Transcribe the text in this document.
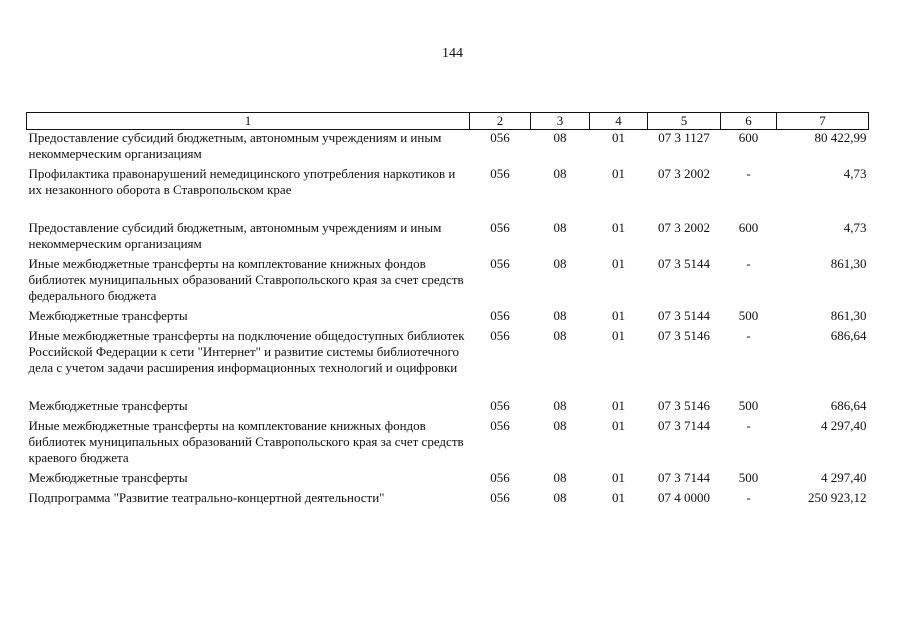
144
1	2	3	4	5	6	7
Предоставление субсидий бюджетным, автономным учреждениям и иным некоммерческим организациям	056	08	01	07 3 1127	600	80 422,99
Профилактика правонарушений немедицинского употребления наркотиков и их незаконного оборота в Ставропольском крае	056	08	01	07 3 2002	-	4,73
Предоставление субсидий бюджетным, автономным учреждениям и иным некоммерческим организациям	056	08	01	07 3 2002	600	4,73
Иные межбюджетные трансферты на комплектование книжных фондов библиотек муниципальных образований Ставропольского края за счет средств федерального бюджета	056	08	01	07 3 5144	-	861,30
Межбюджетные трансферты	056	08	01	07 3 5144	500	861,30
Иные межбюджетные трансферты на подключение общедоступных библиотек Российской Федерации к сети "Интернет" и развитие системы библиотечного дела с учетом задачи расширения информационных технологий и оцифровки	056	08	01	07 3 5146	-	686,64
Межбюджетные трансферты	056	08	01	07 3 5146	500	686,64
Иные межбюджетные трансферты на комплектование книжных фондов библиотек муниципальных образований Ставропольского края за счет средств краевого бюджета	056	08	01	07 3 7144	-	4 297,40
Межбюджетные трансферты	056	08	01	07 3 7144	500	4 297,40
Подпрограмма "Развитие театрально-концертной деятельности"	056	08	01	07 4 0000	-	250 923,12
